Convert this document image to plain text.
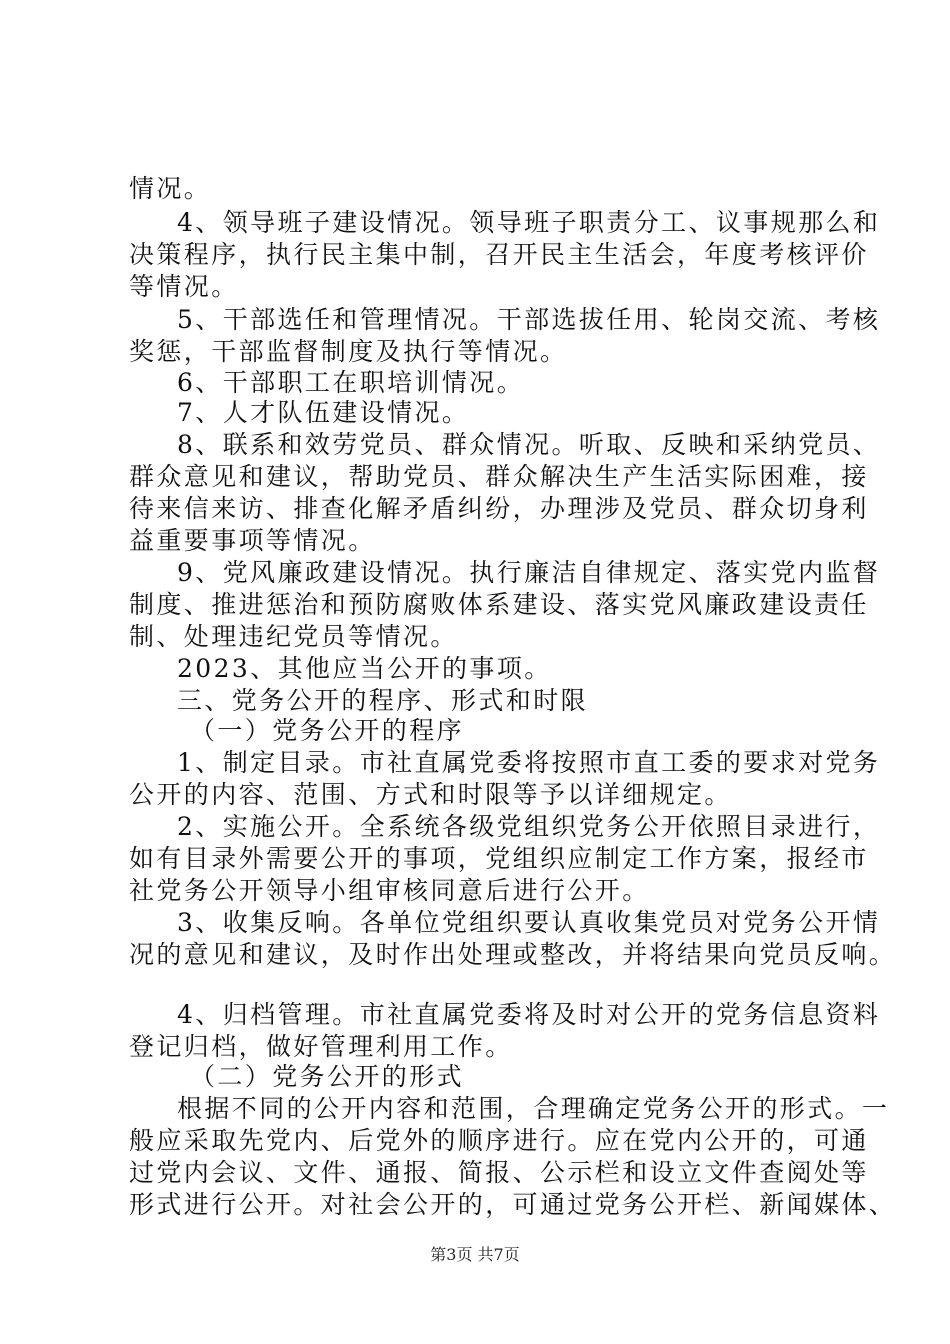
情况。
4、领导班子建设情况。领导班子职责分工、议事规那么和
决策程序，执行民主集中制，召开民主生活会，年度考核评价
等情况。
5、干部选任和管理情况。干部选拔任用、轮岗交流、考核
奖惩，干部监督制度及执行等情况。
6、干部职工在职培训情况。
7、人才队伍建设情况。
8、联系和效劳党员、群众情况。听取、反映和采纳党员、
群众意见和建议，帮助党员、群众解决生产生活实际困难，接
待来信来访、排查化解矛盾纠纷，办理涉及党员、群众切身利
益重要事项等情况。
9、党风廉政建设情况。执行廉洁自律规定、落实党内监督
制度、推进惩治和预防腐败体系建设、落实党风廉政建设责任
制、处理违纪党员等情况。
2023、其他应当公开的事项。
三、党务公开的程序、形式和时限
（一）党务公开的程序
1、制定目录。市社直属党委将按照市直工委的要求对党务
公开的内容、范围、方式和时限等予以详细规定。
2、实施公开。全系统各级党组织党务公开依照目录进行，
如有目录外需要公开的事项，党组织应制定工作方案，报经市
社党务公开领导小组审核同意后进行公开。
3、收集反响。各单位党组织要认真收集党员对党务公开情
况的意见和建议，及时作出处理或整改，并将结果向党员反响。
4、归档管理。市社直属党委将及时对公开的党务信息资料
登记归档，做好管理利用工作。
（二）党务公开的形式
根据不同的公开内容和范围，合理确定党务公开的形式。一
般应采取先党内、后党外的顺序进行。应在党内公开的，可通
过党内会议、文件、通报、简报、公示栏和设立文件查阅处等
形式进行公开。对社会公开的，可通过党务公开栏、新闻媒体、
第3页 共7页
